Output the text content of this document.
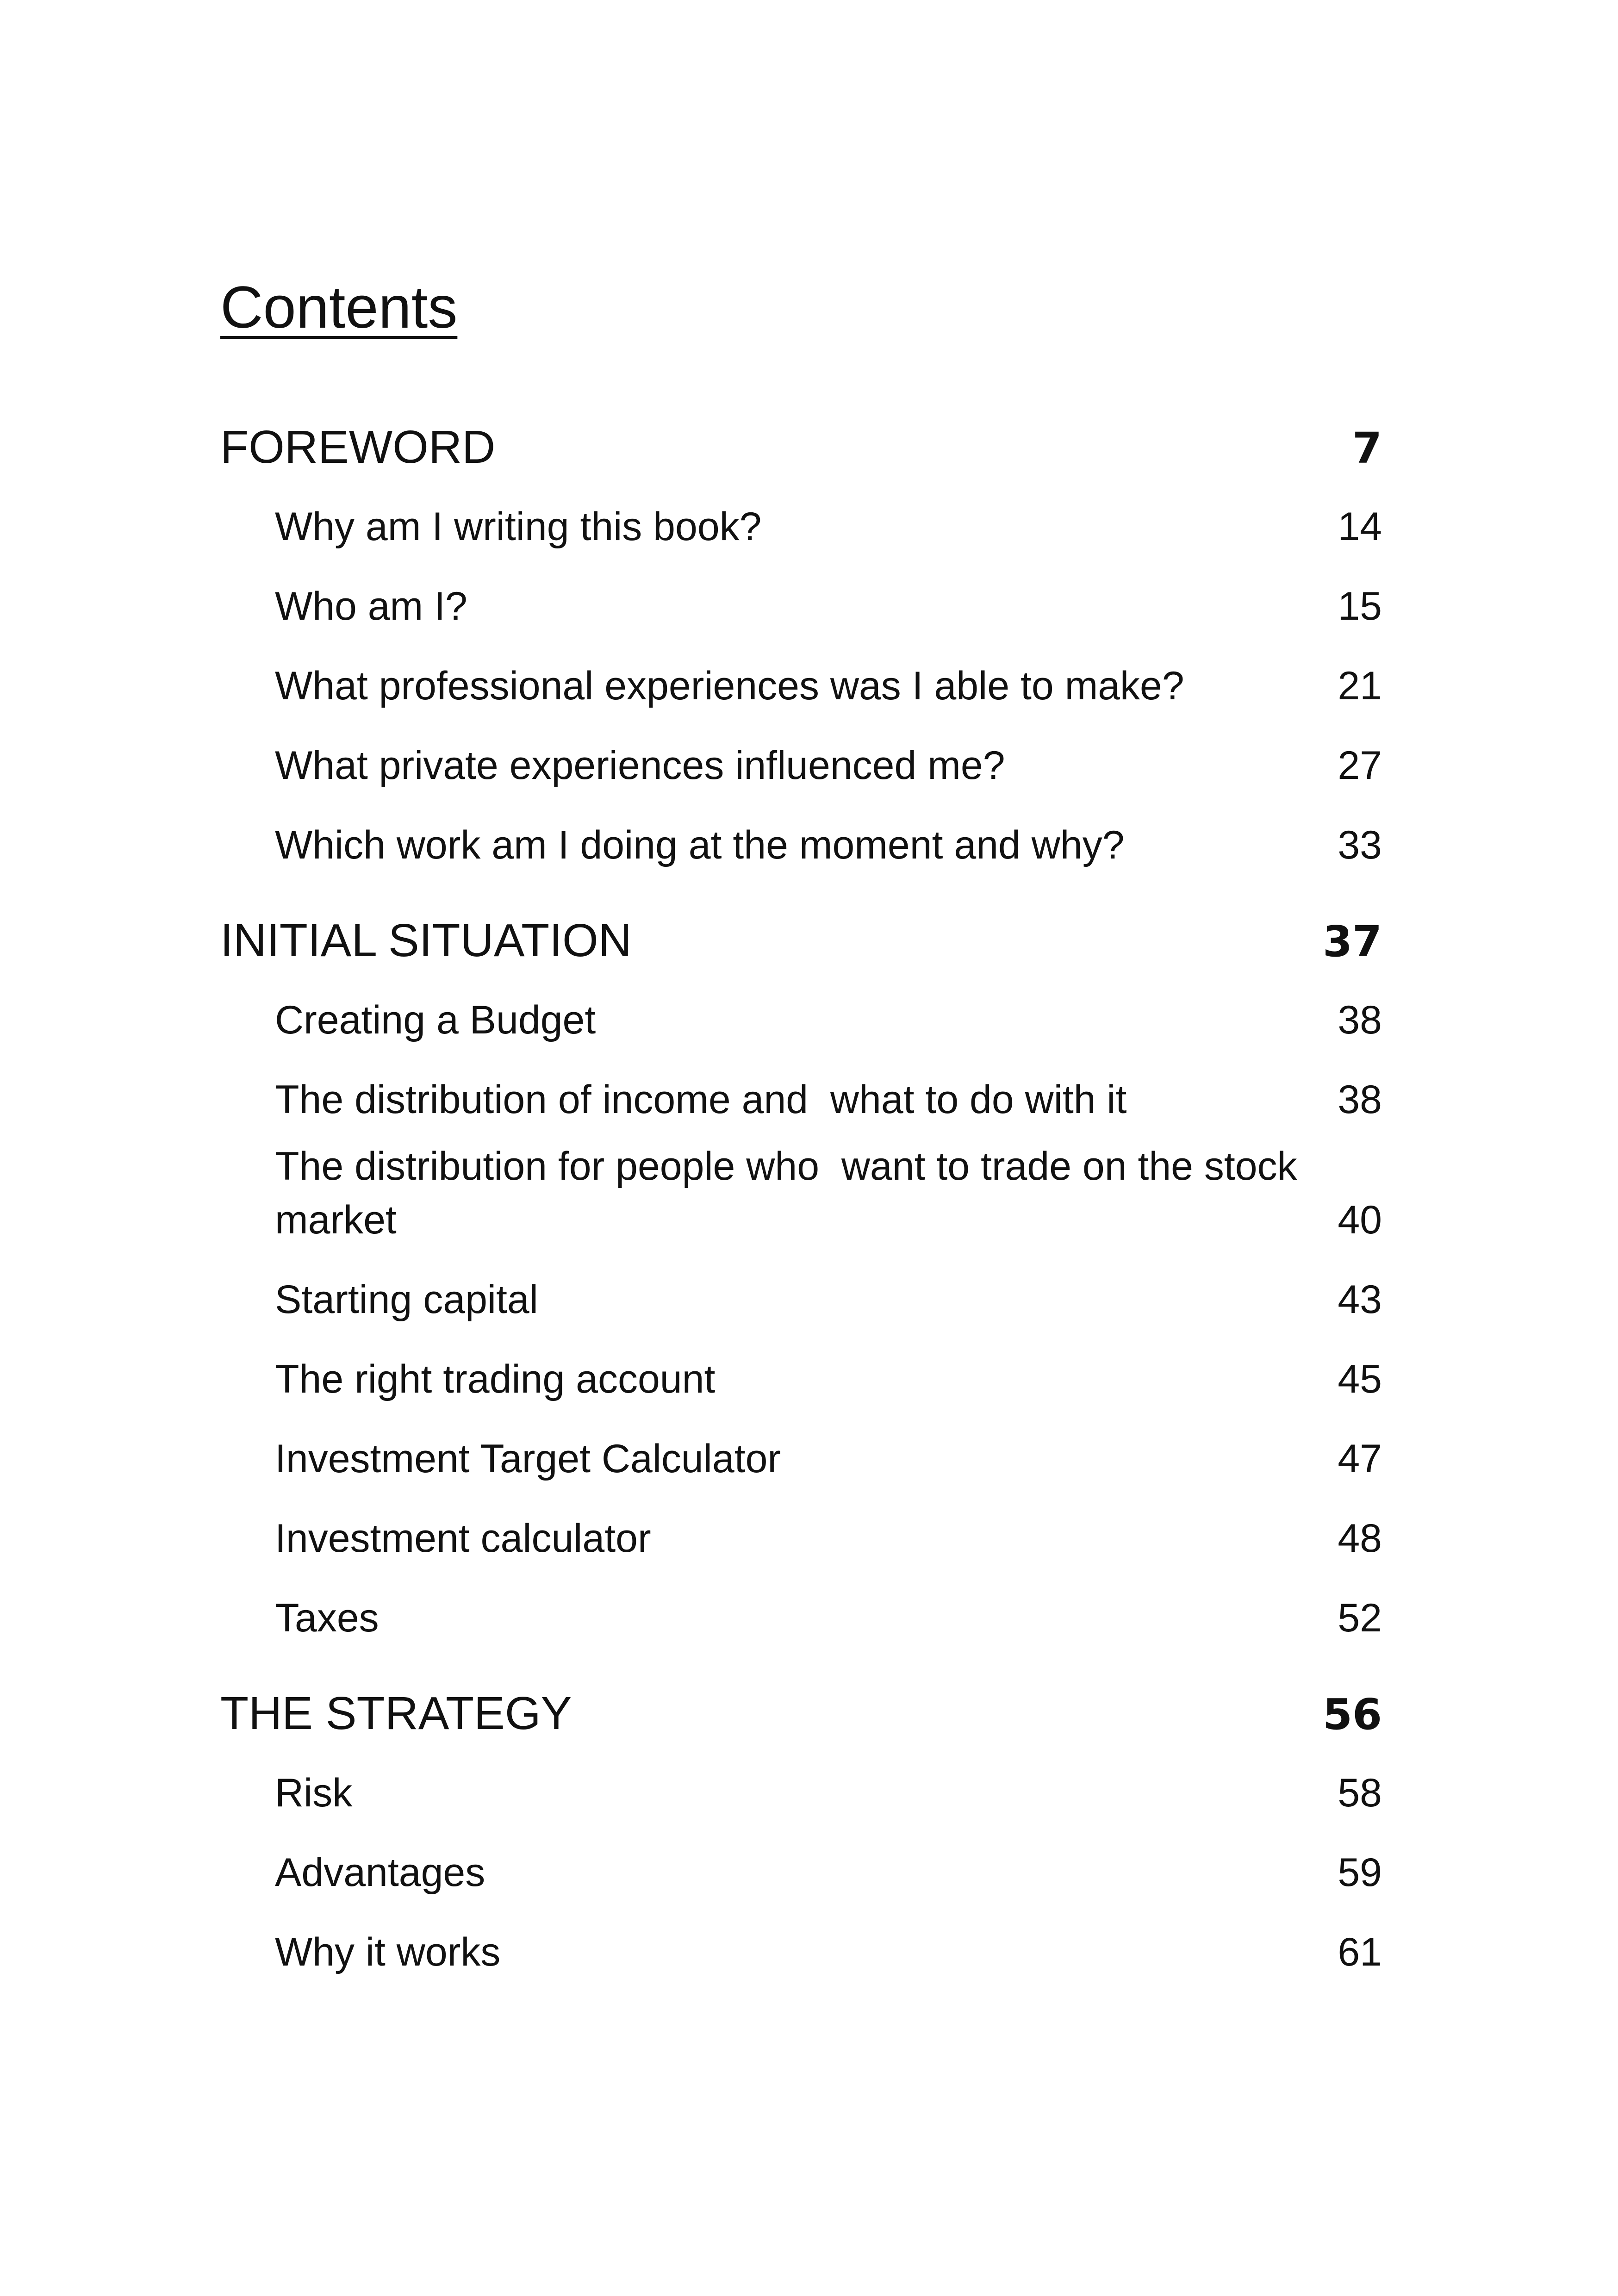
Contents
FOREWORD	7
Why am I writing this book?	14
Who am I?	15
What professional experiences was I able to make?	21
What private experiences influenced me?	27
Which work am I doing at the moment and why?	33
INITIAL SITUATION	37
Creating a Budget	38
The distribution of income and  what to do with it	38
The distribution for people who  want to trade on the stock market	40
Starting capital	43
The right trading account	45
Investment Target Calculator	47
Investment calculator	48
Taxes	52
THE STRATEGY	56
Risk	58
Advantages	59
Why it works	61
